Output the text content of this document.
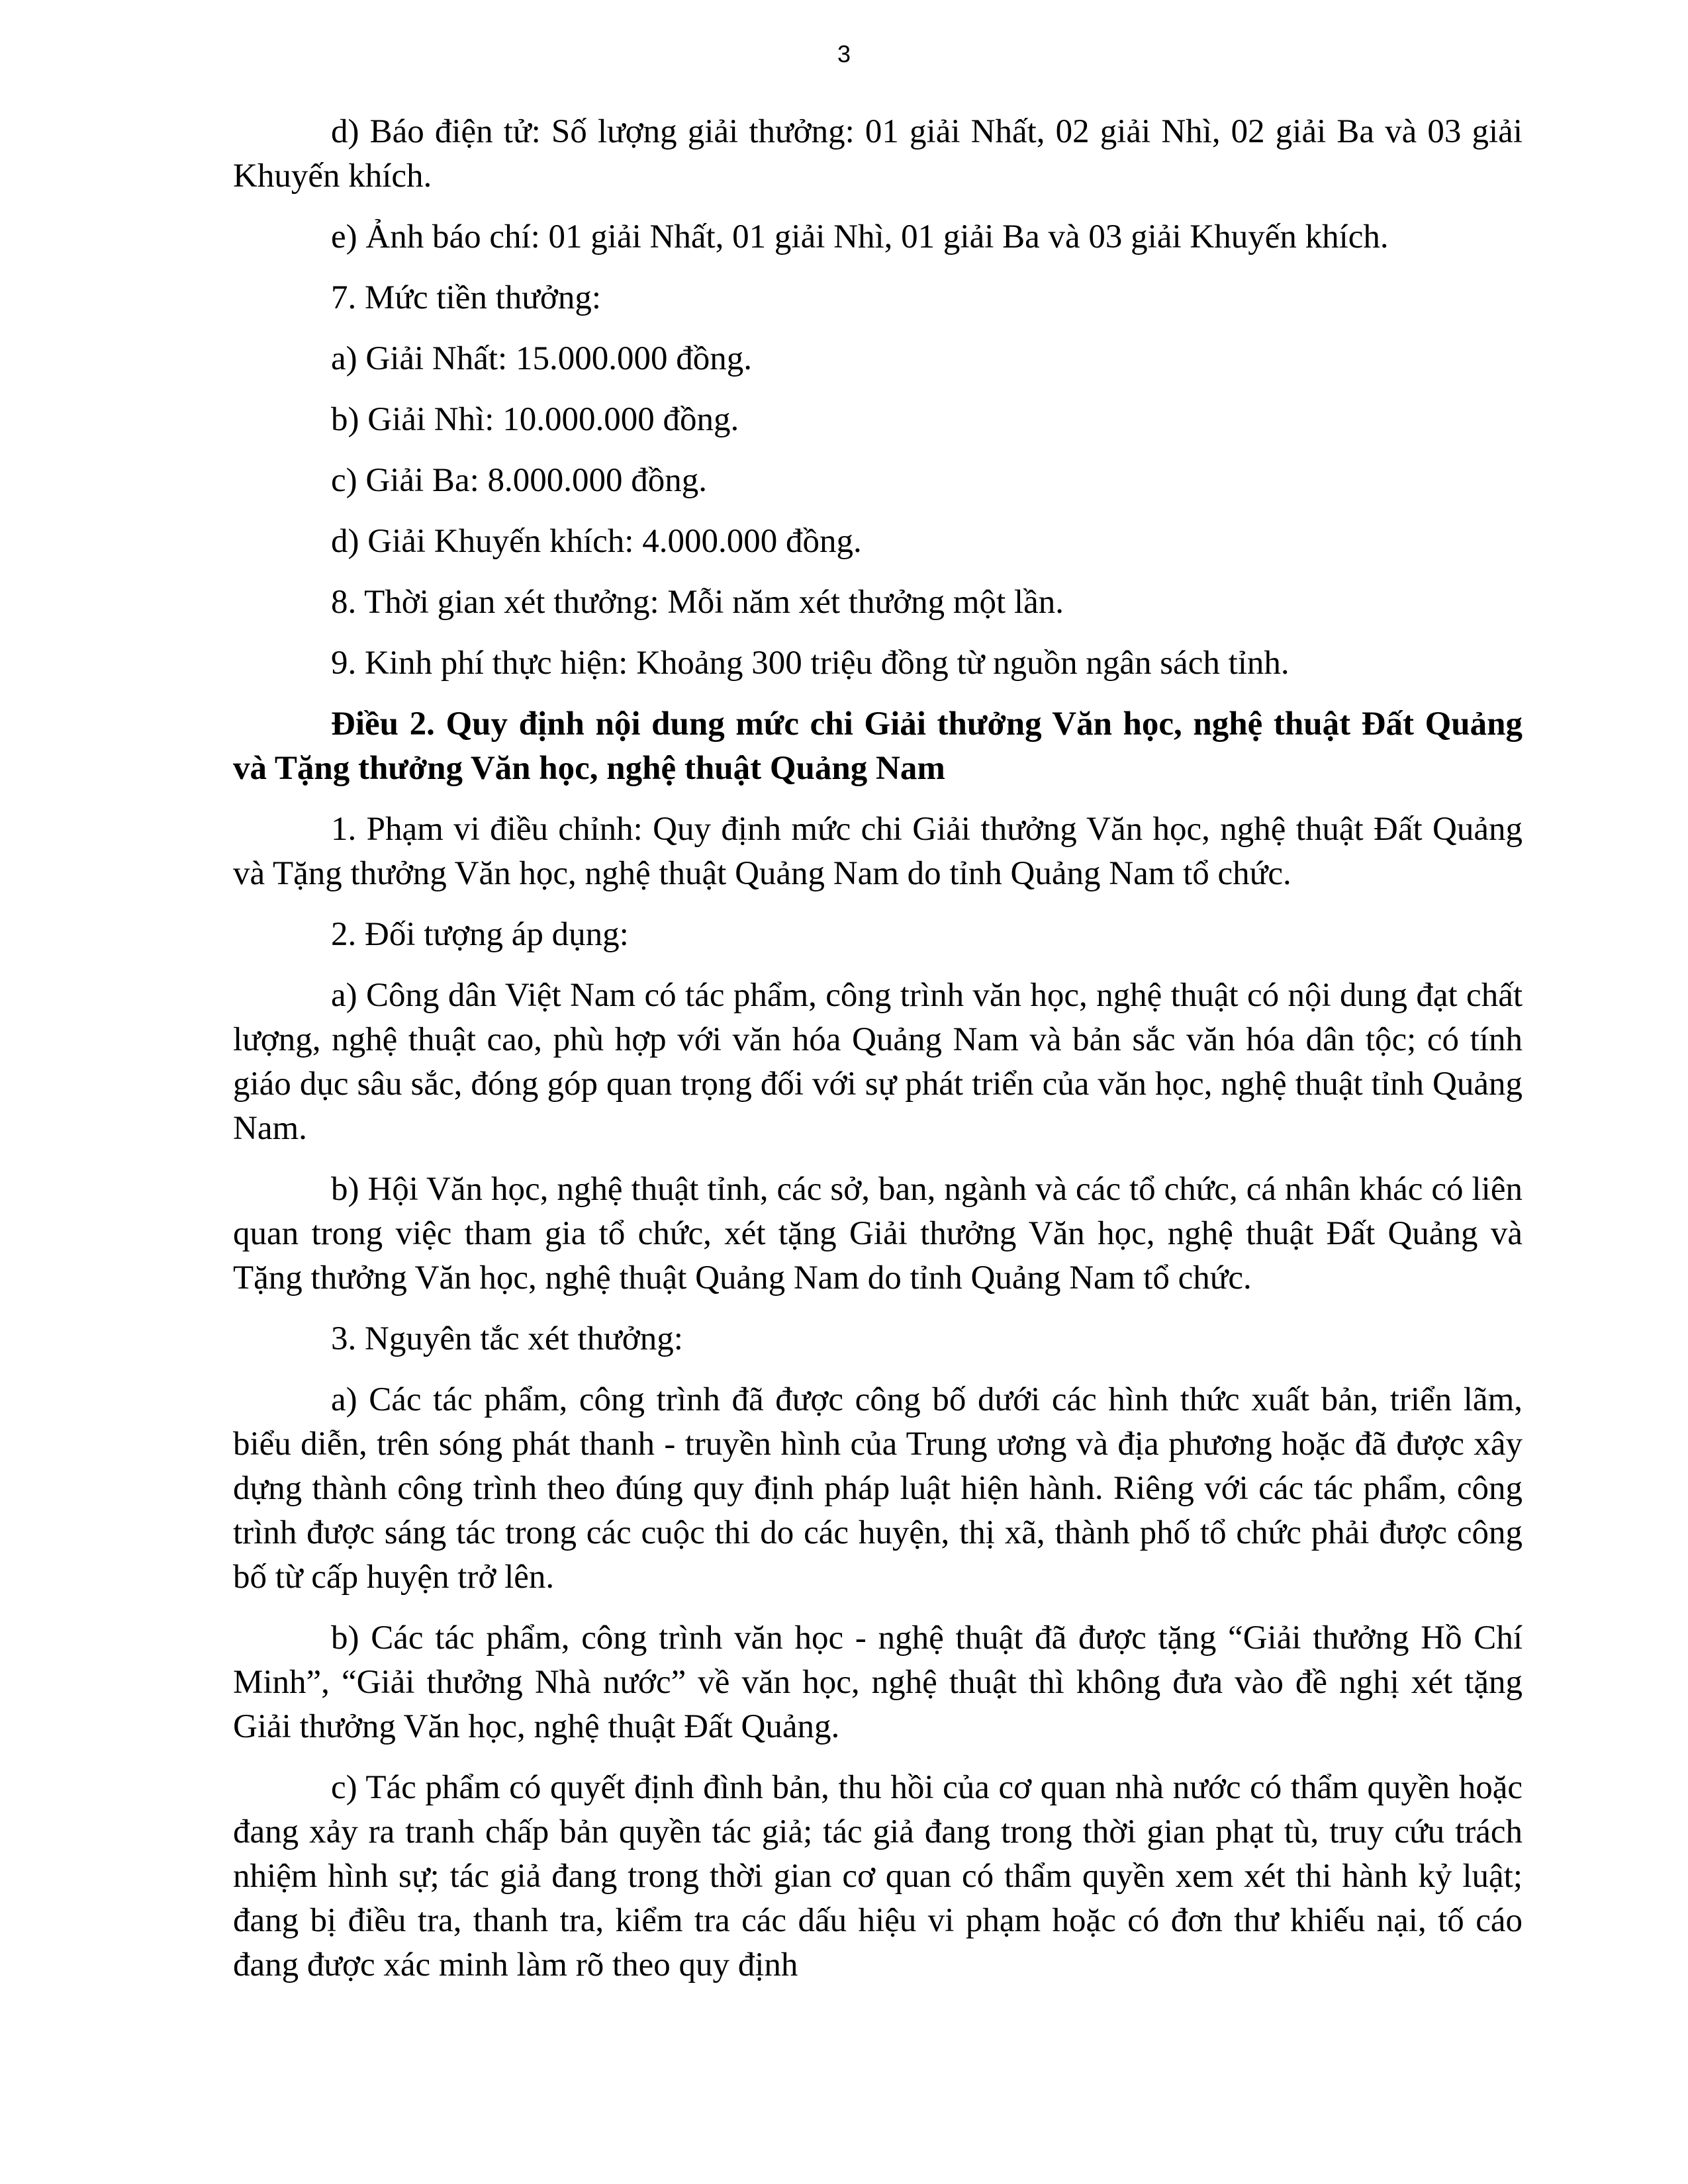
3

d) Báo điện tử: Số lượng giải thưởng: 01 giải Nhất, 02 giải Nhì, 02 giải Ba và 03 giải Khuyến khích.

e) Ảnh báo chí: 01 giải Nhất, 01 giải Nhì, 01 giải Ba và 03 giải Khuyến khích.

7. Mức tiền thưởng:

a) Giải Nhất: 15.000.000 đồng.

b) Giải Nhì: 10.000.000 đồng.

c) Giải Ba: 8.000.000 đồng.

d) Giải Khuyến khích: 4.000.000 đồng.

8. Thời gian xét thưởng: Mỗi năm xét thưởng một lần.

9. Kinh phí thực hiện: Khoảng 300 triệu đồng từ nguồn ngân sách tỉnh.

Điều 2. Quy định nội dung mức chi Giải thưởng Văn học, nghệ thuật Đất Quảng và Tặng thưởng Văn học, nghệ thuật Quảng Nam

1. Phạm vi điều chỉnh: Quy định mức chi Giải thưởng Văn học, nghệ thuật Đất Quảng và Tặng thưởng Văn học, nghệ thuật Quảng Nam do tỉnh Quảng Nam tổ chức.

2. Đối tượng áp dụng:

a) Công dân Việt Nam có tác phẩm, công trình văn học, nghệ thuật có nội dung đạt chất lượng, nghệ thuật cao, phù hợp với văn hóa Quảng Nam và bản sắc văn hóa dân tộc; có tính giáo dục sâu sắc, đóng góp quan trọng đối với sự phát triển của văn học, nghệ thuật tỉnh Quảng Nam.

b) Hội Văn học, nghệ thuật tỉnh, các sở, ban, ngành và các tổ chức, cá nhân khác có liên quan trong việc tham gia tổ chức, xét tặng Giải thưởng Văn học, nghệ thuật Đất Quảng và Tặng thưởng Văn học, nghệ thuật Quảng Nam do tỉnh Quảng Nam tổ chức.

3. Nguyên tắc xét thưởng:

a) Các tác phẩm, công trình đã được công bố dưới các hình thức xuất bản, triển lãm, biểu diễn, trên sóng phát thanh - truyền hình của Trung ương và địa phương hoặc đã được xây dựng thành công trình theo đúng quy định pháp luật hiện hành. Riêng với các tác phẩm, công trình được sáng tác trong các cuộc thi do các huyện, thị xã, thành phố tổ chức phải được công bố từ cấp huyện trở lên.

b) Các tác phẩm, công trình văn học - nghệ thuật đã được tặng “Giải thưởng Hồ Chí Minh”, “Giải thưởng Nhà nước” về văn học, nghệ thuật thì không đưa vào đề nghị xét tặng Giải thưởng Văn học, nghệ thuật Đất Quảng.

c) Tác phẩm có quyết định đình bản, thu hồi của cơ quan nhà nước có thẩm quyền hoặc đang xảy ra tranh chấp bản quyền tác giả; tác giả đang trong thời gian phạt tù, truy cứu trách nhiệm hình sự; tác giả đang trong thời gian cơ quan có thẩm quyền xem xét thi hành kỷ luật; đang bị điều tra, thanh tra, kiểm tra các dấu hiệu vi phạm hoặc có đơn thư khiếu nại, tố cáo đang được xác minh làm rõ theo quy định
